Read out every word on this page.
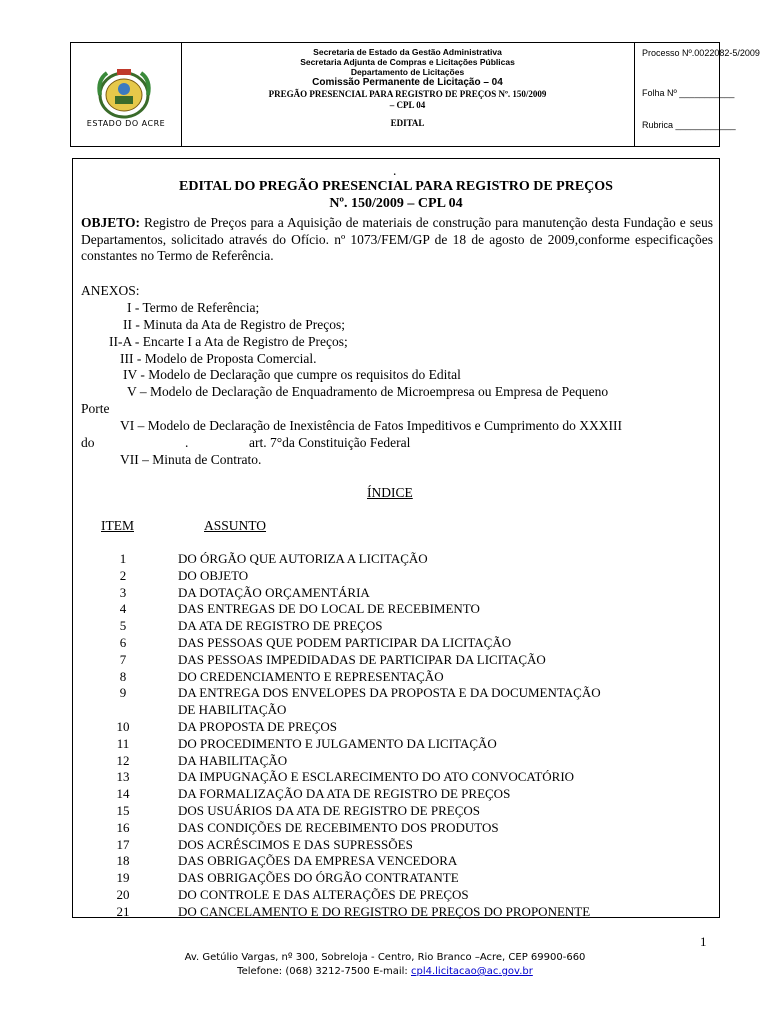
ESTADO DO ACRE
Secretaria de Estado da Gestão Administrativa
Secretaria Adjunta de Compras e Licitações Públicas
Departamento de Licitações
Comissão Permanente de Licitação – 04
PREGÃO PRESENCIAL PARA REGISTRO DE PREÇOS Nº. 150/2009
– CPL 04
EDITAL
Processo Nº.0022082-5/2009
Folha Nº ___________
Rubrica ____________
.
EDITAL DO PREGÃO PRESENCIAL PARA REGISTRO DE PREÇOS
Nº. 150/2009 – CPL 04
OBJETO: Registro de Preços para a Aquisição de materiais de construção para manutenção desta Fundação e seus Departamentos, solicitado através do Ofício. nº 1073/FEM/GP de 18 de agosto de 2009,conforme especificações constantes no Termo de Referência.
ANEXOS:
I - Termo de Referência;
II - Minuta da Ata de Registro de Preços;
II-A - Encarte I a Ata de Registro de Preços;
III - Modelo de Proposta Comercial.
IV - Modelo de Declaração que cumpre os requisitos do Edital
V – Modelo de Declaração de Enquadramento de Microempresa ou Empresa de Pequeno
Porte
VI – Modelo de Declaração de Inexistência de Fatos Impeditivos e Cumprimento do XXXIII
do	.	art. 7°da Constituição Federal
VII – Minuta de Contrato.
ÍNDICE
ITEM	ASSUNTO
1	DO ÓRGÃO QUE AUTORIZA A LICITAÇÃO
2	DO OBJETO
3	DA DOTAÇÃO ORÇAMENTÁRIA
4	DAS ENTREGAS DE DO LOCAL DE RECEBIMENTO
5	DA ATA DE REGISTRO DE PREÇOS
6	DAS PESSOAS QUE PODEM PARTICIPAR DA LICITAÇÃO
7	DAS PESSOAS IMPEDIDADAS DE PARTICIPAR DA LICITAÇÃO
8	DO CREDENCIAMENTO E REPRESENTAÇÃO
9	DA ENTREGA DOS ENVELOPES DA PROPOSTA E DA DOCUMENTAÇÃO
DE HABILITAÇÃO
10	DA PROPOSTA DE PREÇOS
11	DO PROCEDIMENTO E JULGAMENTO DA LICITAÇÃO
12	DA HABILITAÇÃO
13	DA IMPUGNAÇÃO E ESCLARECIMENTO DO ATO CONVOCATÓRIO
14	DA FORMALIZAÇÃO DA ATA DE REGISTRO DE PREÇOS
15	DOS USUÁRIOS DA ATA DE REGISTRO DE PREÇOS
16	DAS CONDIÇÕES DE RECEBIMENTO DOS PRODUTOS
17	DOS ACRÉSCIMOS E DAS SUPRESSÕES
18	DAS OBRIGAÇÕES DA EMPRESA VENCEDORA
19	DAS OBRIGAÇÕES DO ÓRGÃO CONTRATANTE
20	DO CONTROLE E DAS ALTERAÇÕES DE PREÇOS
21	DO CANCELAMENTO E DO REGISTRO DE PREÇOS DO PROPONENTE
1
Av. Getúlio Vargas, nº 300, Sobreloja - Centro, Rio Branco –Acre, CEP 69900-660
Telefone: (068) 3212-7500 E-mail: cpl4.licitacao@ac.gov.br
